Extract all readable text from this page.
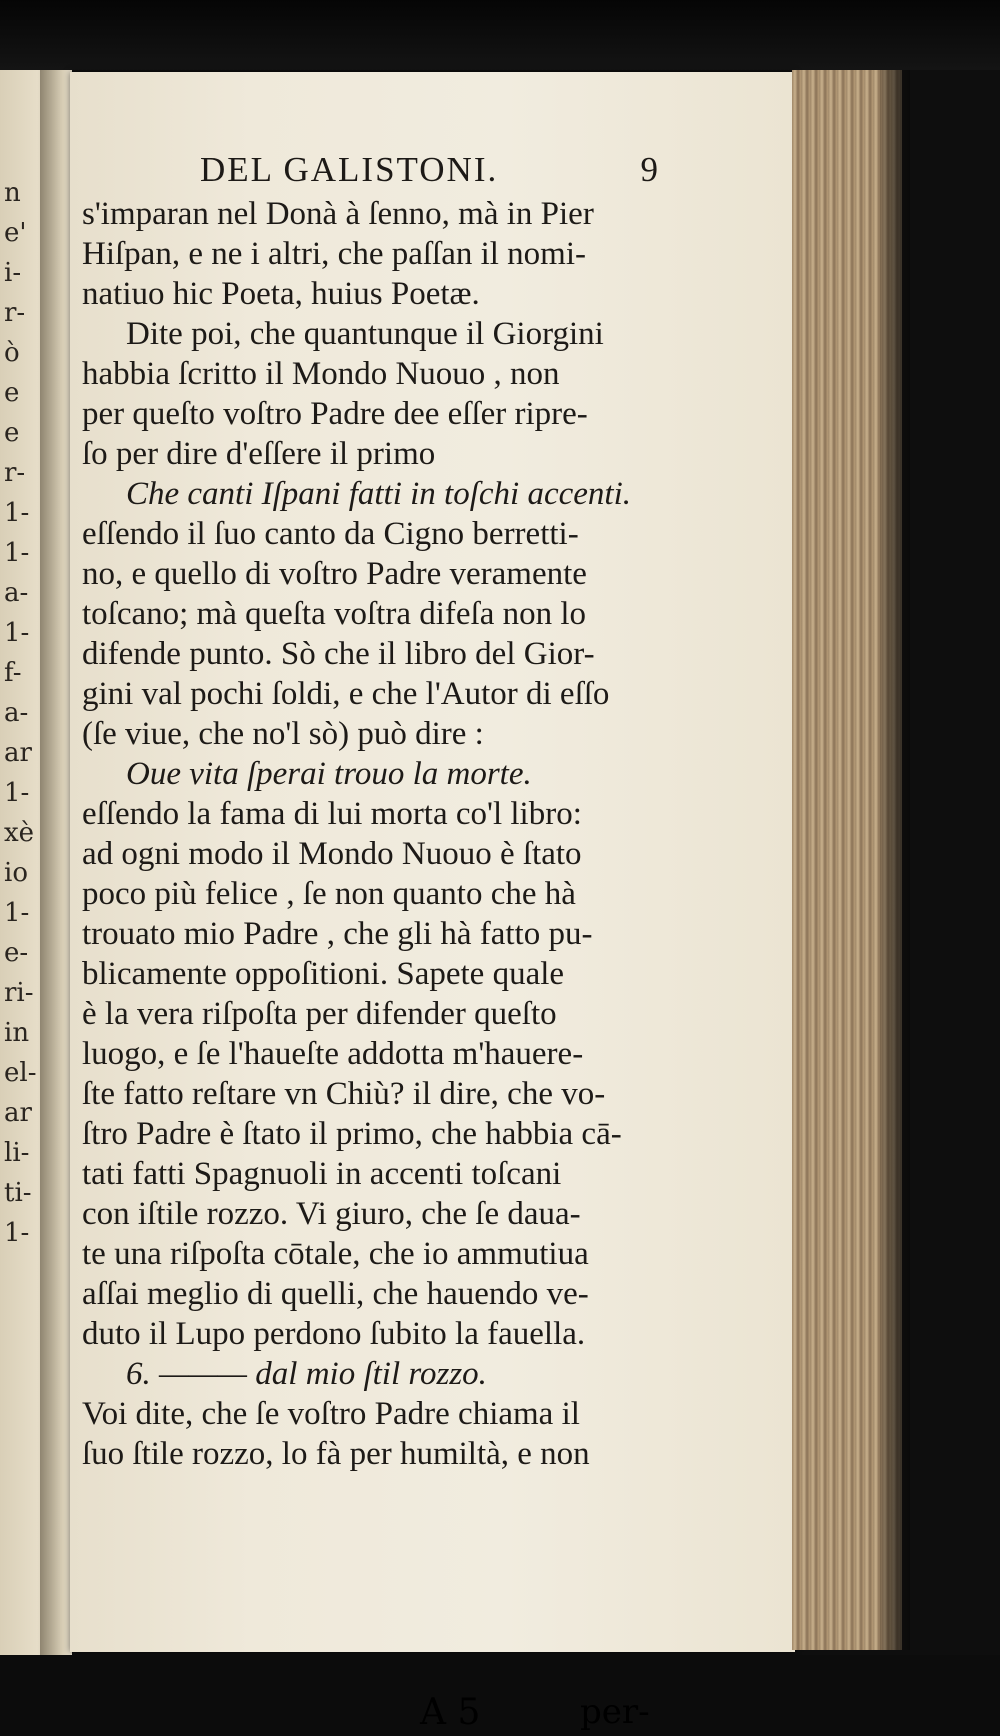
n
e'
i-
r-
ò
e
e
r-
1-
1-
a-
1-
f-
a-
ar
1-
xè
io
1-
e-
ri-
in
el-
ar
li-
ti-
1-
DEL GALISTONI.	9
s'imparan nel Donà à ſenno, mà in Pier
Hiſpan, e ne i altri, che paſſan il nomi-
natiuo hic Poeta, huius Poetæ.
Dite poi, che quantunque il Giorgini
habbia ſcritto il Mondo Nuouo , non
per queſto voſtro Padre dee eſſer ripre-
ſo per dire d'eſſere il primo
Che canti Iſpani fatti in toſchi accenti.
eſſendo il ſuo canto da Cigno berretti-
no, e quello di voſtro Padre veramente
toſcano; mà queſta voſtra difeſa non lo
difende punto. Sò che il libro del Gior-
gini val pochi ſoldi, e che l'Autor di eſſo
(ſe viue, che no'l sò) può dire :
Oue vita ſperai trouo la morte.
eſſendo la fama di lui morta co'l libro:
ad ogni modo il Mondo Nuouo è ſtato
poco più felice , ſe non quanto che hà
trouato mio Padre , che gli hà fatto pu-
blicamente oppoſitioni. Sapete quale
è la vera riſpoſta per difender queſto
luogo, e ſe l'haueſte addotta m'hauere-
ſte fatto reſtare vn Chiù? il dire, che vo-
ſtro Padre è ſtato il primo, che habbia cā-
tati fatti Spagnuoli in accenti toſcani
con iſtile rozzo. Vi giuro, che ſe daua-
te una riſpoſta cōtale, che io ammutiua
aſſai meglio di quelli, che hauendo ve-
duto il Lupo perdono ſubito la fauella.
6. ——— dal mio ſtil rozzo.
Voi dite, che ſe voſtro Padre chiama il
ſuo ſtile rozzo, lo fà per humiltà, e non
A 5	per-
